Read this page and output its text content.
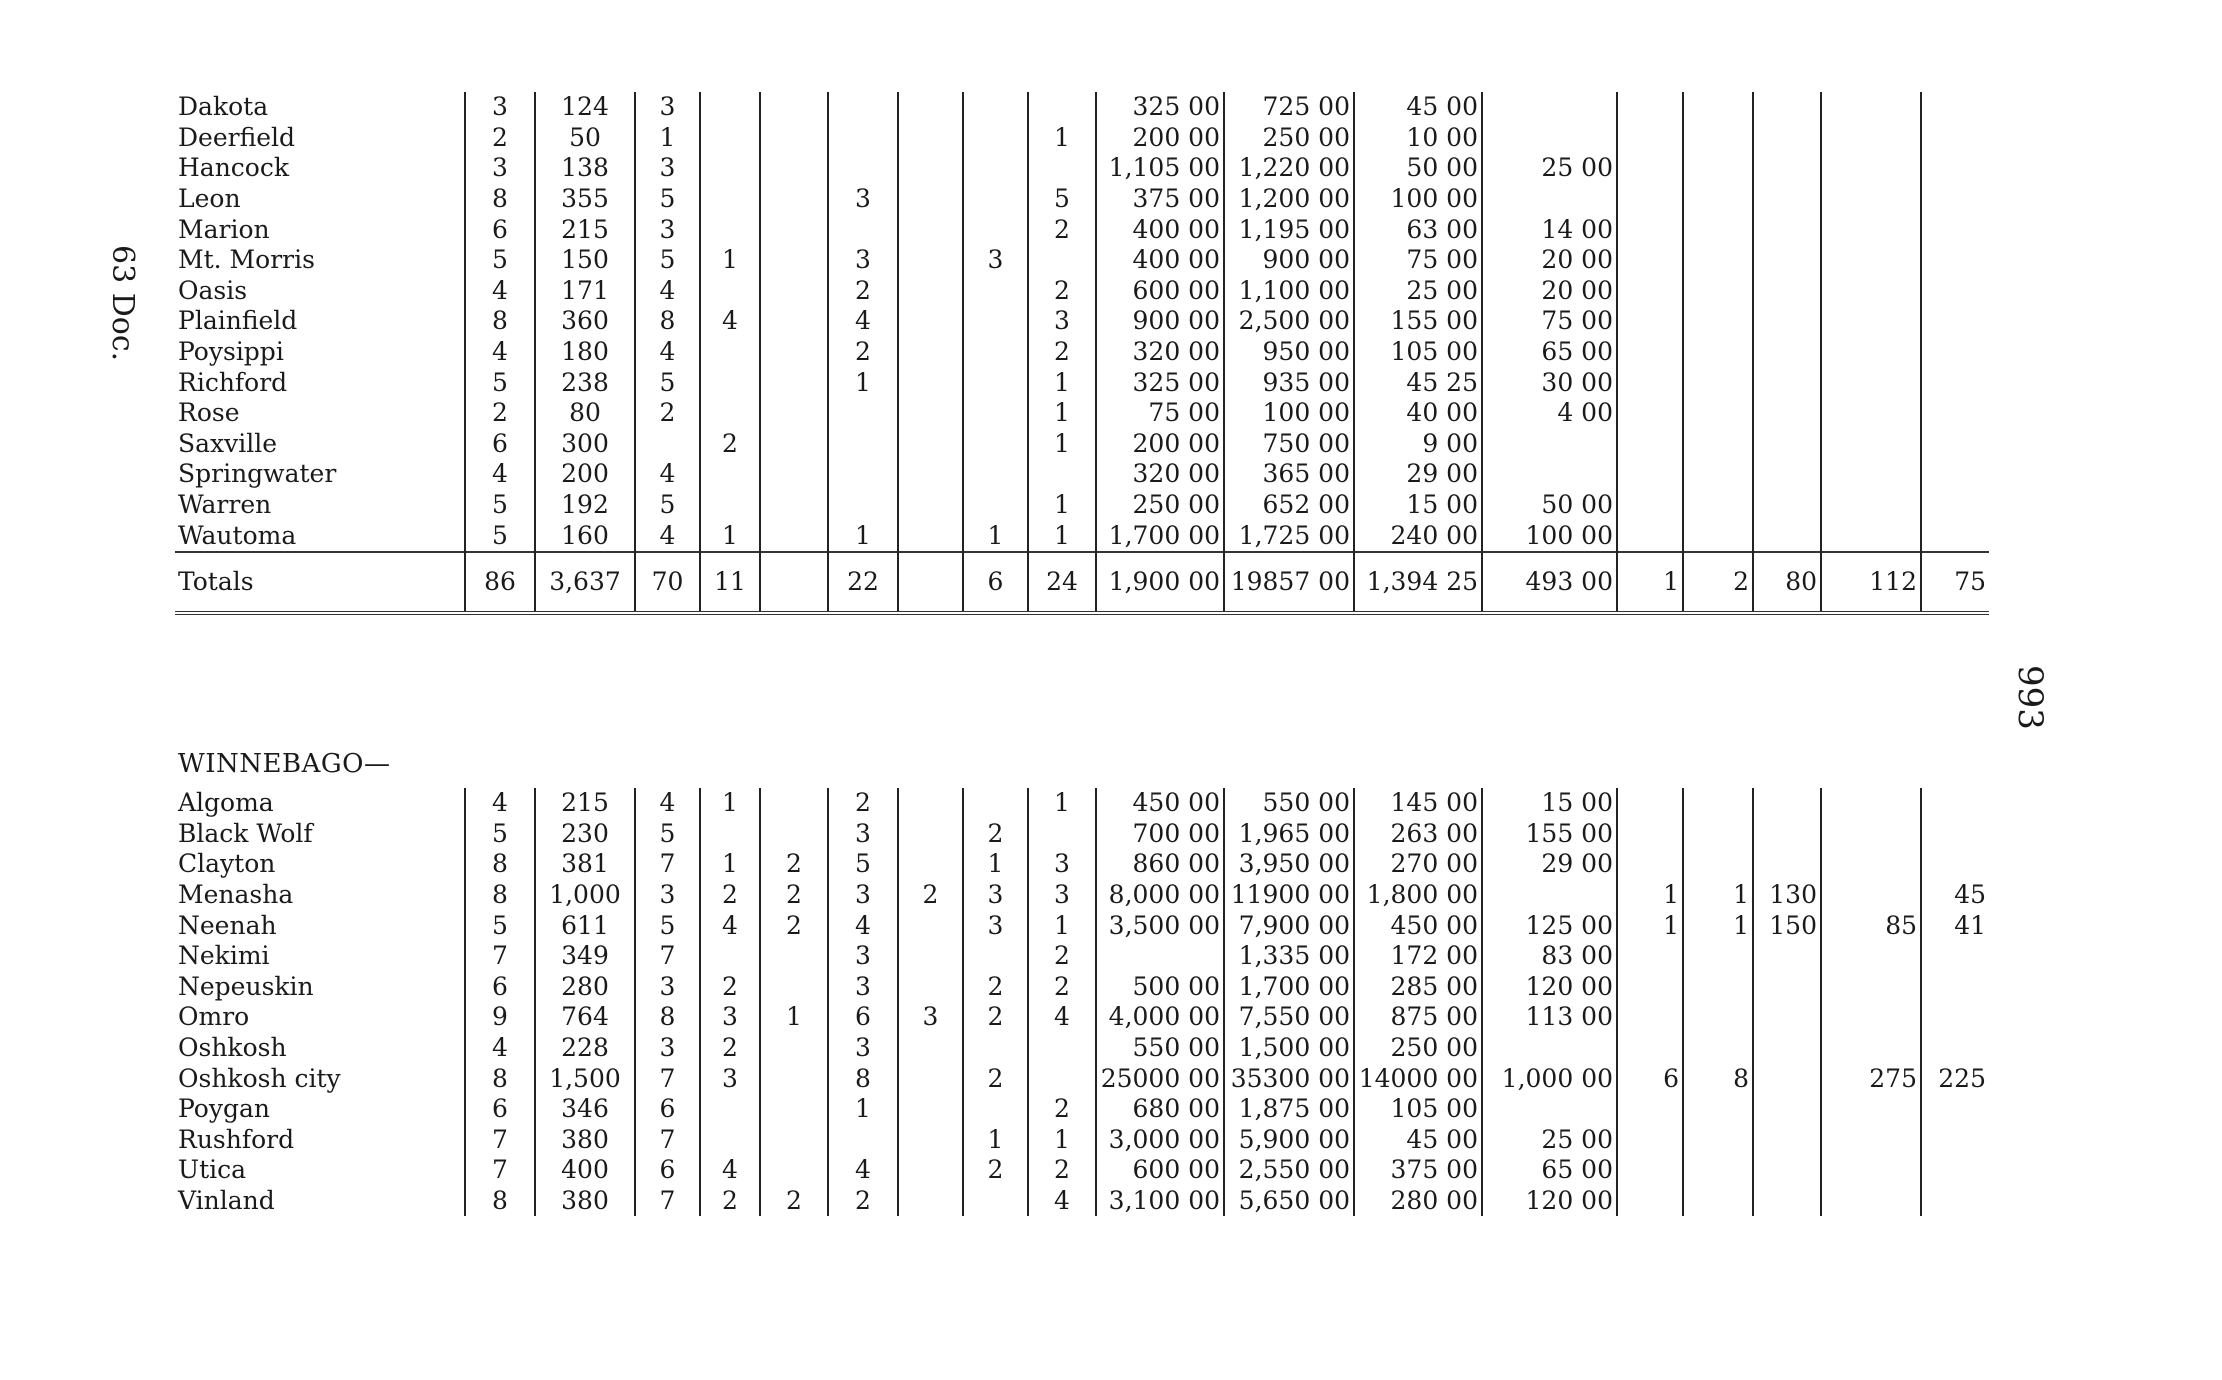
63 Doc.
993
Dakota	3	124	3							325 00	725 00	45 00						
Deerfield	2	50	1						1	200 00	250 00	10 00						
Hancock	3	138	3							1,105 00	1,220 00	50 00	25 00					
Leon	8	355	5			3			5	375 00	1,200 00	100 00						
Marion	6	215	3						2	400 00	1,195 00	63 00	14 00					
Mt. Morris	5	150	5	1		3		3		400 00	900 00	75 00	20 00					
Oasis	4	171	4			2			2	600 00	1,100 00	25 00	20 00					
Plainfield	8	360	8	4		4			3	900 00	2,500 00	155 00	75 00					
Poysippi	4	180	4			2			2	320 00	950 00	105 00	65 00					
Richford	5	238	5			1			1	325 00	935 00	45 25	30 00					
Rose	2	80	2						1	75 00	100 00	40 00	4 00					
Saxville	6	300		2					1	200 00	750 00	9 00						
Springwater	4	200	4							320 00	365 00	29 00						
Warren	5	192	5						1	250 00	652 00	15 00	50 00					
Wautoma	5	160	4	1		1		1	1	1,700 00	1,725 00	240 00	100 00					
Totals	86	3,637	70	11		22		6	24	1,900 00	19857 00	1,394 25	493 00	1	2	80	112	75
WINNEBAGO—																		
Algoma	4	215	4	1		2			1	450 00	550 00	145 00	15 00					
Black Wolf	5	230	5			3		2		700 00	1,965 00	263 00	155 00					
Clayton	8	381	7	1	2	5		1	3	860 00	3,950 00	270 00	29 00					
Menasha	8	1,000	3	2	2	3	2	3	3	8,000 00	11900 00	1,800 00		1	1	130		45
Neenah	5	611	5	4	2	4		3	1	3,500 00	7,900 00	450 00	125 00	1	1	150	85	41
Nekimi	7	349	7			3			2		1,335 00	172 00	83 00					
Nepeuskin	6	280	3	2		3		2	2	500 00	1,700 00	285 00	120 00					
Omro	9	764	8	3	1	6	3	2	4	4,000 00	7,550 00	875 00	113 00					
Oshkosh	4	228	3	2		3				550 00	1,500 00	250 00						
Oshkosh city	8	1,500	7	3		8		2		25000 00	35300 00	14000 00	1,000 00	6	8		275	225
Poygan	6	346	6			1			2	680 00	1,875 00	105 00						
Rushford	7	380	7					1	1	3,000 00	5,900 00	45 00	25 00					
Utica	7	400	6	4		4		2	2	600 00	2,550 00	375 00	65 00					
Vinland	8	380	7	2	2	2			4	3,100 00	5,650 00	280 00	120 00					
